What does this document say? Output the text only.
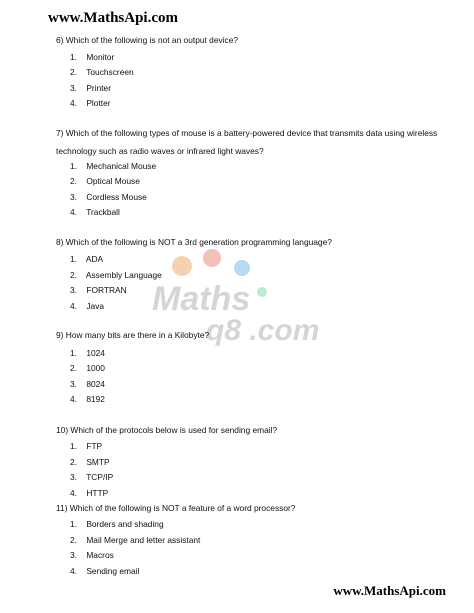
www.MathsApi.com
Maths
q8 .com
6) Which of the following is not an output device?
1. Monitor
2. Touchscreen
3. Printer
4. Plotter
7) Which of the following types of mouse is a battery-powered device that transmits data using wireless technology such as radio waves or infrared light waves?
1. Mechanical Mouse
2. Optical Mouse
3. Cordless Mouse
4. Trackball
8) Which of the following is NOT a 3rd generation programming language?
1. ADA
2. Assembly Language
3. FORTRAN
4. Java
9) How many bits are there in a Kilobyte?
1. 1024
2. 1000
3. 8024
4. 8192
10) Which of the protocols below is used for sending email?
1. FTP
2. SMTP
3. TCP/IP
4. HTTP
11) Which of the following is NOT a feature of a word processor?
1. Borders and shading
2. Mail Merge and letter assistant
3. Macros
4. Sending email
www.MathsApi.com
